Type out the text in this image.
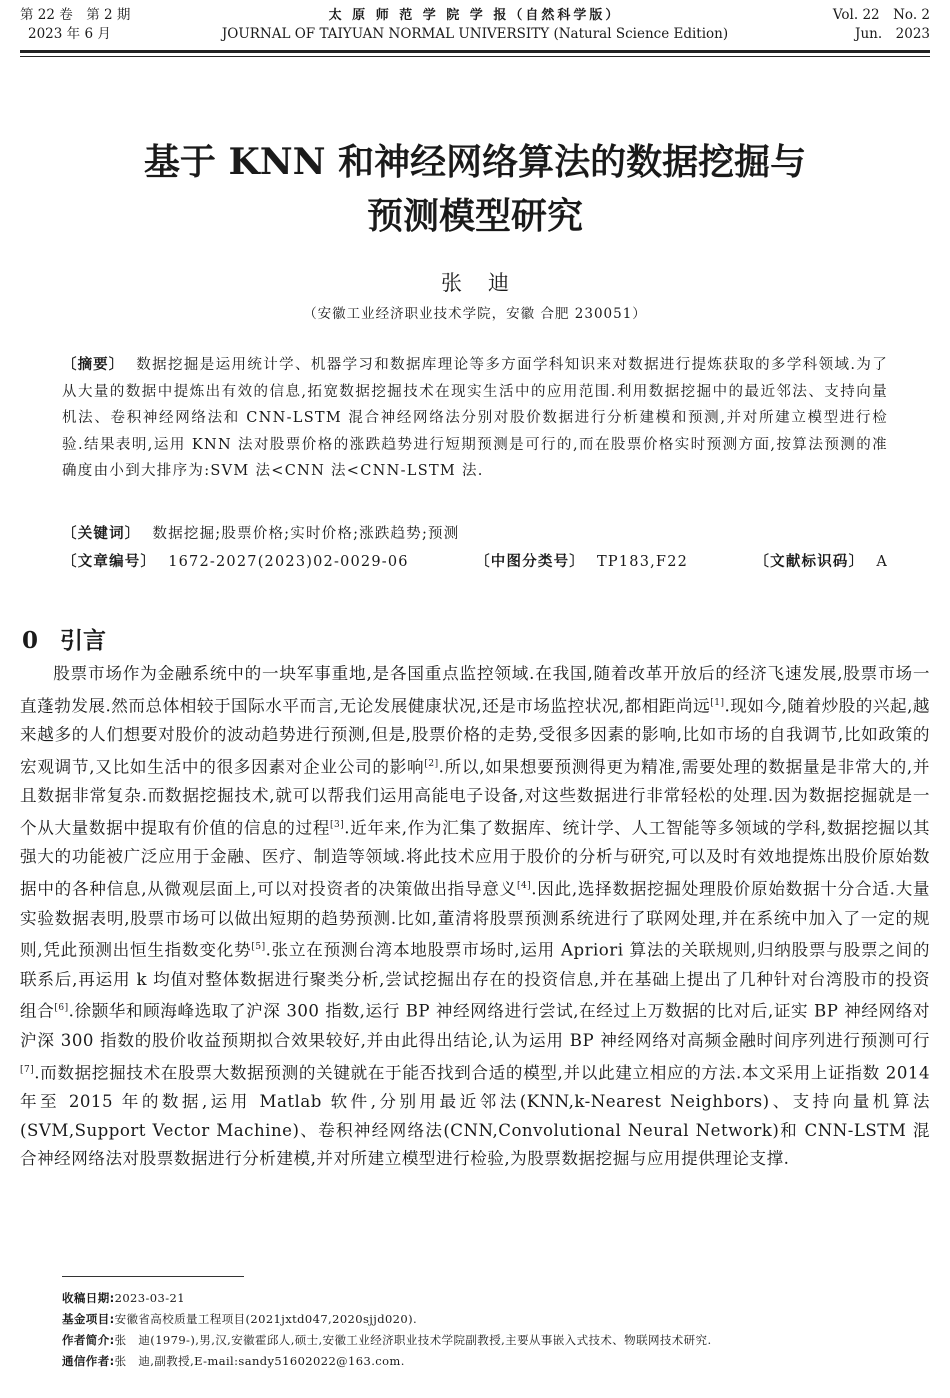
第 22 卷　第 2 期
2023 年 6 月
太 原 师 范 学 院 学 报（自然科学版）
JOURNAL OF TAIYUAN NORMAL UNIVERSITY (Natural Science Edition)
Vol. 22　No. 2
Jun.　2023
基于 KNN 和神经网络算法的数据挖掘与
预测模型研究
张迪
（安徽工业经济职业技术学院，安徽 合肥 230051）
〔摘要〕 数据挖掘是运用统计学、机器学习和数据库理论等多方面学科知识来对数据进行提炼获取的多学科领域.为了从大量的数据中提炼出有效的信息,拓宽数据挖掘技术在现实生活中的应用范围.利用数据挖掘中的最近邻法、支持向量机法、卷积神经网络法和 CNN-LSTM 混合神经网络法分别对股价数据进行分析建模和预测,并对所建立模型进行检验.结果表明,运用 KNN 法对股票价格的涨跌趋势进行短期预测是可行的,而在股票价格实时预测方面,按算法预测的准确度由小到大排序为:SVM 法<CNN 法<CNN-LSTM 法.
〔关键词〕 数据挖掘;股票价格;实时价格;涨跌趋势;预测
〔文章编号〕 1672-2027(2023)02-0029-06	〔中图分类号〕 TP183,F22	〔文献标识码〕 A
0 引言
股票市场作为金融系统中的一块军事重地,是各国重点监控领域.在我国,随着改革开放后的经济飞速发展,股票市场一直蓬勃发展.然而总体相较于国际水平而言,无论发展健康状况,还是市场监控状况,都相距尚远[1].现如今,随着炒股的兴起,越来越多的人们想要对股价的波动趋势进行预测,但是,股票价格的走势,受很多因素的影响,比如市场的自我调节,比如政策的宏观调节,又比如生活中的很多因素对企业公司的影响[2].所以,如果想要预测得更为精准,需要处理的数据量是非常大的,并且数据非常复杂.而数据挖掘技术,就可以帮我们运用高能电子设备,对这些数据进行非常轻松的处理.因为数据挖掘就是一个从大量数据中提取有价值的信息的过程[3].近年来,作为汇集了数据库、统计学、人工智能等多领域的学科,数据挖掘以其强大的功能被广泛应用于金融、医疗、制造等领域.将此技术应用于股价的分析与研究,可以及时有效地提炼出股价原始数据中的各种信息,从微观层面上,可以对投资者的决策做出指导意义[4].因此,选择数据挖掘处理股价原始数据十分合适.大量实验数据表明,股票市场可以做出短期的趋势预测.比如,董清将股票预测系统进行了联网处理,并在系统中加入了一定的规则,凭此预测出恒生指数变化势[5].张立在预测台湾本地股票市场时,运用 Apriori 算法的关联规则,归纳股票与股票之间的联系后,再运用 k 均值对整体数据进行聚类分析,尝试挖掘出存在的投资信息,并在基础上提出了几种针对台湾股市的投资组合[6].徐颢华和顾海峰选取了沪深 300 指数,运行 BP 神经网络进行尝试,在经过上万数据的比对后,证实 BP 神经网络对沪深 300 指数的股价收益预期拟合效果较好,并由此得出结论,认为运用 BP 神经网络对高频金融时间序列进行预测可行[7].而数据挖掘技术在股票大数据预测的关键就在于能否找到合适的模型,并以此建立相应的方法.本文采用上证指数 2014 年至 2015 年的数据,运用 Matlab 软件,分别用最近邻法(KNN,k-Nearest Neighbors)、支持向量机算法(SVM,Support Vector Machine)、卷积神经网络法(CNN,Convolutional Neural Network)和 CNN-LSTM 混合神经网络法对股票数据进行分析建模,并对所建立模型进行检验,为股票数据挖掘与应用提供理论支撑.
收稿日期:2023-03-21
基金项目:安徽省高校质量工程项目(2021jxtd047,2020sjjd020).
作者简介:张　迪(1979-),男,汉,安徽霍邱人,硕士,安徽工业经济职业技术学院副教授,主要从事嵌入式技术、物联网技术研究.
通信作者:张　迪,副教授,E-mail:sandy51602022@163.com.
